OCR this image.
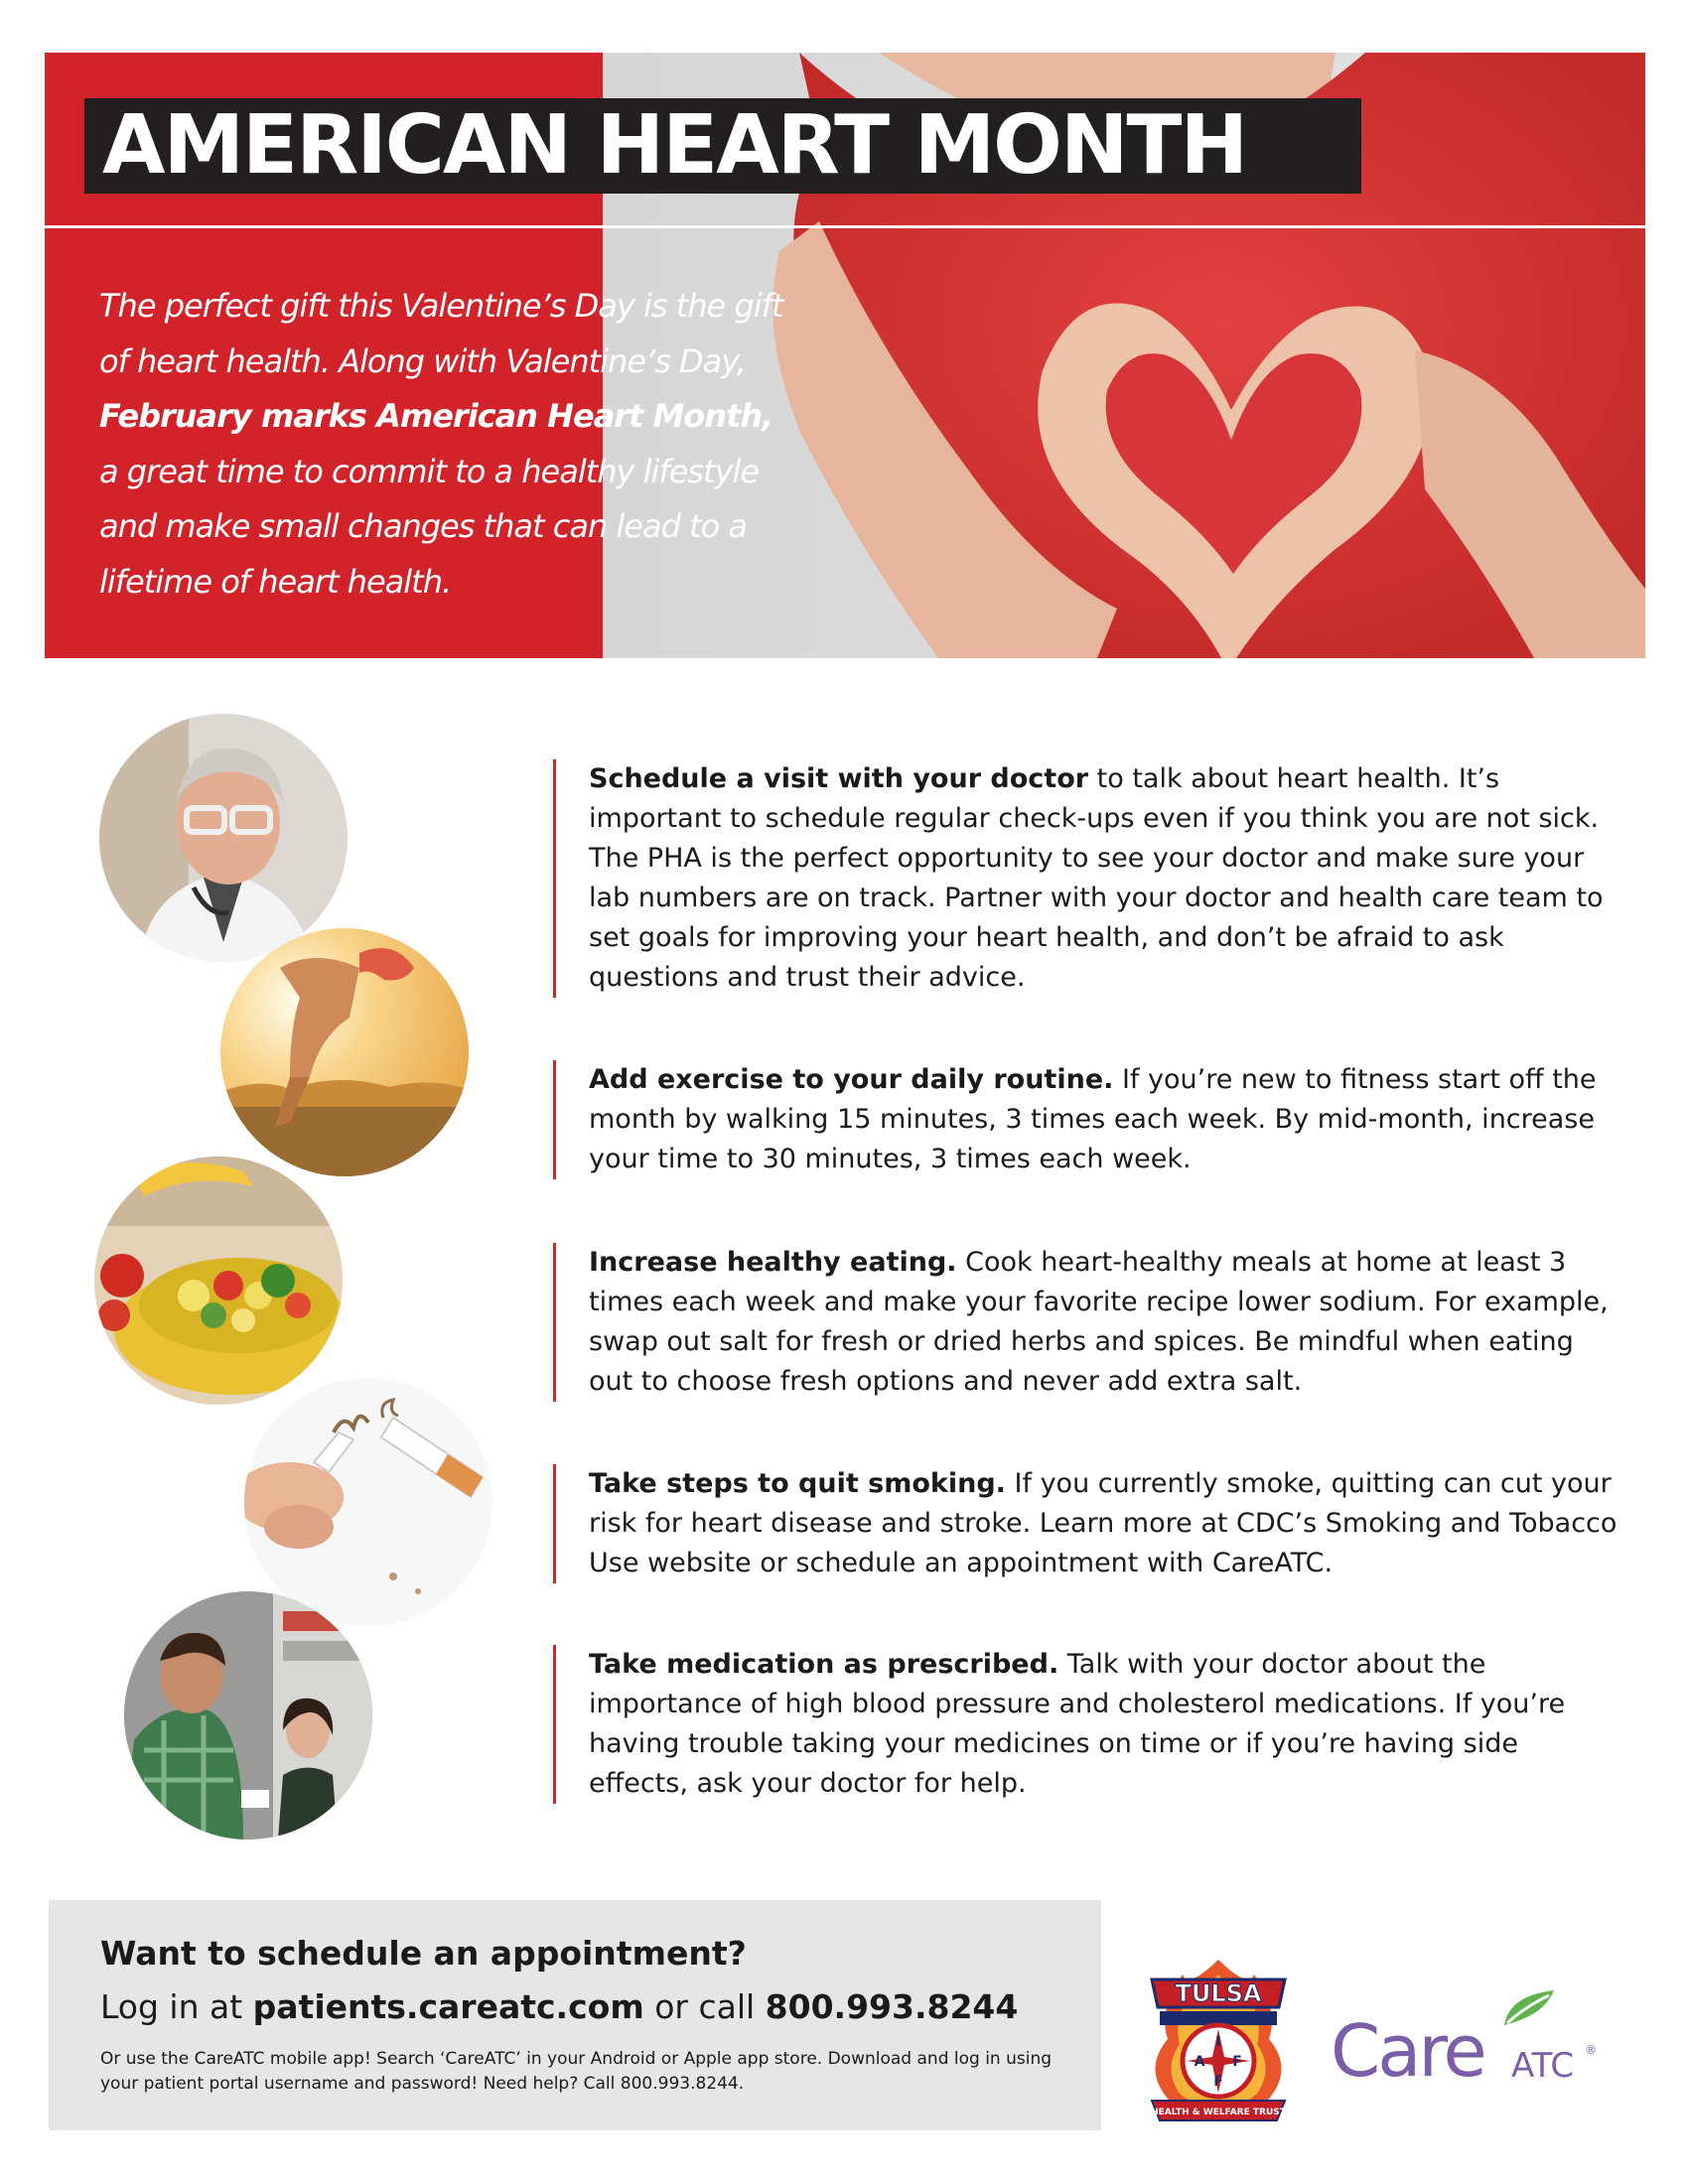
AMERICAN HEART MONTH

The perfect gift this Valentine’s Day is the gift of heart health. Along with Valentine’s Day, February marks American Heart Month, a great time to commit to a healthy lifestyle and make small changes that can lead to a lifetime of heart health.

Schedule a visit with your doctor to talk about heart health. It’s important to schedule regular check-ups even if you think you are not sick. The PHA is the perfect opportunity to see your doctor and make sure your lab numbers are on track. Partner with your doctor and health care team to set goals for improving your heart health, and don’t be afraid to ask questions and trust their advice.

Add exercise to your daily routine. If you’re new to fitness start off the month by walking 15 minutes, 3 times each week. By mid-month, increase your time to 30 minutes, 3 times each week.

Increase healthy eating. Cook heart-healthy meals at home at least 3 times each week and make your favorite recipe lower sodium. For example, swap out salt for fresh or dried herbs and spices. Be mindful when eating out to choose fresh options and never add extra salt.

Take steps to quit smoking. If you currently smoke, quitting can cut your risk for heart disease and stroke. Learn more at CDC’s Smoking and Tobacco Use website or schedule an appointment with CareATC.

Take medication as prescribed. Talk with your doctor about the importance of high blood pressure and cholesterol medications. If you’re having trouble taking your medicines on time or if you’re having side effects, ask your doctor for help.

Want to schedule an appointment?

Log in at patients.careatc.com or call 800.993.8244

Or use the CareATC mobile app! Search ‘CareATC’ in your Android or Apple app store. Download and log in using your patient portal username and password! Need help? Call 800.993.8244.

TULSA
I
A F
F
HEALTH & WELFARE TRUST
Care ATC ®
